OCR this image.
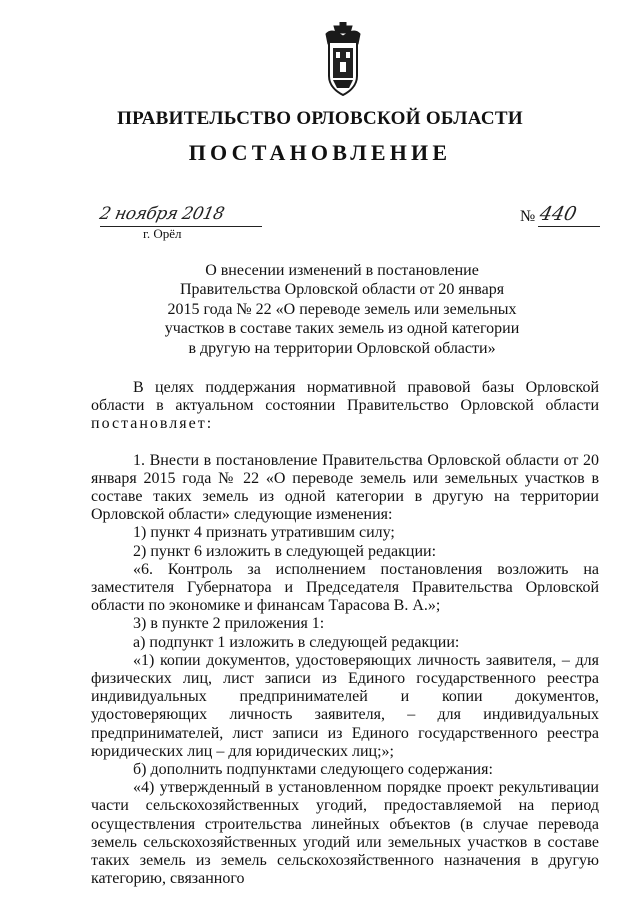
ПРАВИТЕЛЬСТВО ОРЛОВСКОЙ ОБЛАСТИ
ПОСТАНОВЛЕНИЕ
2 ноября 2018
г. Орёл
№ 440
О внесении изменений в постановление
Правительства Орловской области от 20 января
2015 года № 22 «О переводе земель или земельных
участков в составе таких земель из одной категории
в другую на территории Орловской области»

В целях поддержания нормативной правовой базы Орловской области в актуальном состоянии Правительство Орловской области постановляет:

1. Внести в постановление Правительства Орловской области от 20 января 2015 года № 22 «О переводе земель или земельных участков в составе таких земель из одной категории в другую на территории Орловской области» следующие изменения:

1) пункт 4 признать утратившим силу;

2) пункт 6 изложить в следующей редакции:

«6. Контроль за исполнением постановления возложить на заместителя Губернатора и Председателя Правительства Орловской области по экономике и финансам Тарасова В. А.»;

3) в пункте 2 приложения 1:

а) подпункт 1 изложить в следующей редакции:

«1) копии документов, удостоверяющих личность заявителя, – для физических лиц, лист записи из Единого государственного реестра индивидуальных предпринимателей и копии документов, удостоверяющих личность заявителя, – для индивидуальных предпринимателей, лист записи из Единого государственного реестра юридических лиц – для юридических лиц;»;

б) дополнить подпунктами следующего содержания:

«4) утвержденный в установленном порядке проект рекультивации части сельскохозяйственных угодий, предоставляемой на период осуществления строительства линейных объектов (в случае перевода земель сельскохозяйственных угодий или земельных участков в составе таких земель из земель сельскохозяйственного назначения в другую категорию, связанного
